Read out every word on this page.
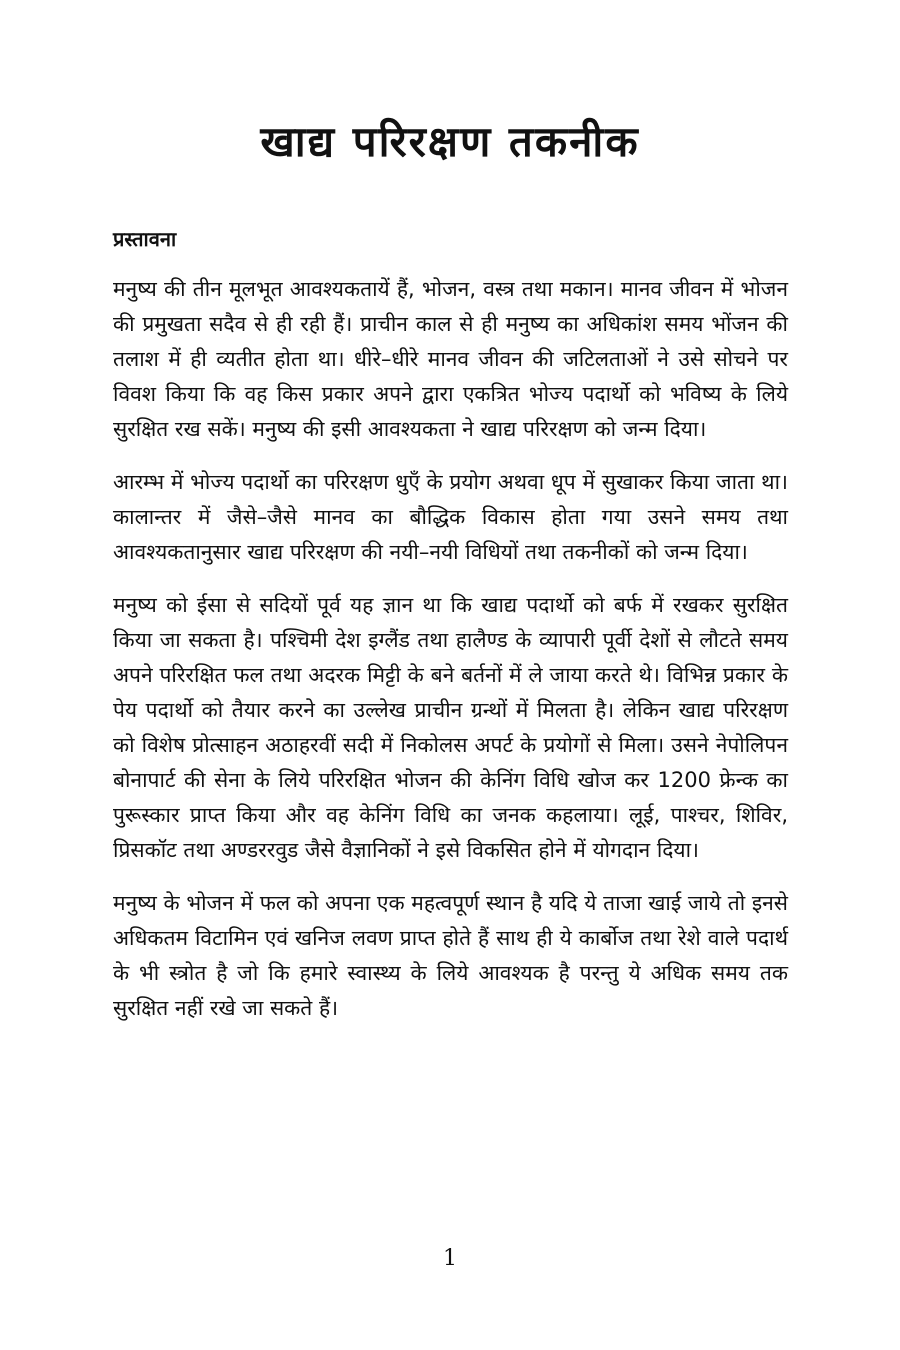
खाद्य परिरक्षण तकनीक
प्रस्तावना

मनुष्य की तीन मूलभूत आवश्यकतायें हैं, भोजन, वस्त्र तथा मकान। मानव जीवन में भोजन की प्रमुखता सदैव से ही रही हैं। प्राचीन काल से ही मनुष्य का अधिकांश समय भोंजन की तलाश में ही व्यतीत होता था। धीरे–धीरे मानव जीवन की जटिलताओं ने उसे सोचने पर विवश किया कि वह किस प्रकार अपने द्वारा एकत्रित भोज्य पदार्थो को भविष्य के लिये सुरक्षित रख सकें। मनुष्य की इसी आवश्यकता ने खाद्य परिरक्षण को जन्म दिया।

आरम्भ में भोज्य पदार्थो का परिरक्षण धुएँ के प्रयोग अथवा धूप में सुखाकर किया जाता था। कालान्तर में जैसे–जैसे मानव का बौद्धिक विकास होता गया उसने समय तथा आवश्यकतानुसार खाद्य परिरक्षण की नयी–नयी विधियों तथा तकनीकों को जन्म दिया।

मनुष्य को ईसा से सदियों पूर्व यह ज्ञान था कि खाद्य पदार्थो को बर्फ में रखकर सुरक्षित किया जा सकता है। पश्चिमी देश इग्लैंड तथा हालैण्ड के व्यापारी पूर्वी देशों से लौटते समय अपने परिरक्षित फल तथा अदरक मिट्टी के बने बर्तनों में ले जाया करते थे। विभिन्न प्रकार के पेय पदार्थो को तैयार करने का उल्लेख प्राचीन ग्रन्थों में मिलता है। लेकिन खाद्य परिरक्षण को विशेष प्रोत्साहन अठाहरवीं सदी में निकोलस अपर्ट के प्रयोगों से मिला। उसने नेपोलिपन बोनापार्ट की सेना के लिये परिरक्षित भोजन की केनिंग विधि खोज कर 1200 फ्रेन्क का पुरूस्कार प्राप्त किया और वह केनिंग विधि का जनक कहलाया। लूई, पाश्चर, शिविर, प्रिसकॉट तथा अण्डररवुड जैसे वैज्ञानिकों ने इसे विकसित होने में योगदान दिया।

मनुष्य के भोजन में फल को अपना एक महत्वपूर्ण स्थान है यदि ये ताजा खाई जाये तो इनसे अधिकतम विटामिन एवं खनिज लवण प्राप्त होते हैं साथ ही ये कार्बोज तथा रेशे वाले पदार्थ के भी स्त्रोत है जो कि हमारे स्वास्थ्य के लिये आवश्यक है परन्तु ये अधिक समय तक सुरक्षित नहीं रखे जा सकते हैं।

1
